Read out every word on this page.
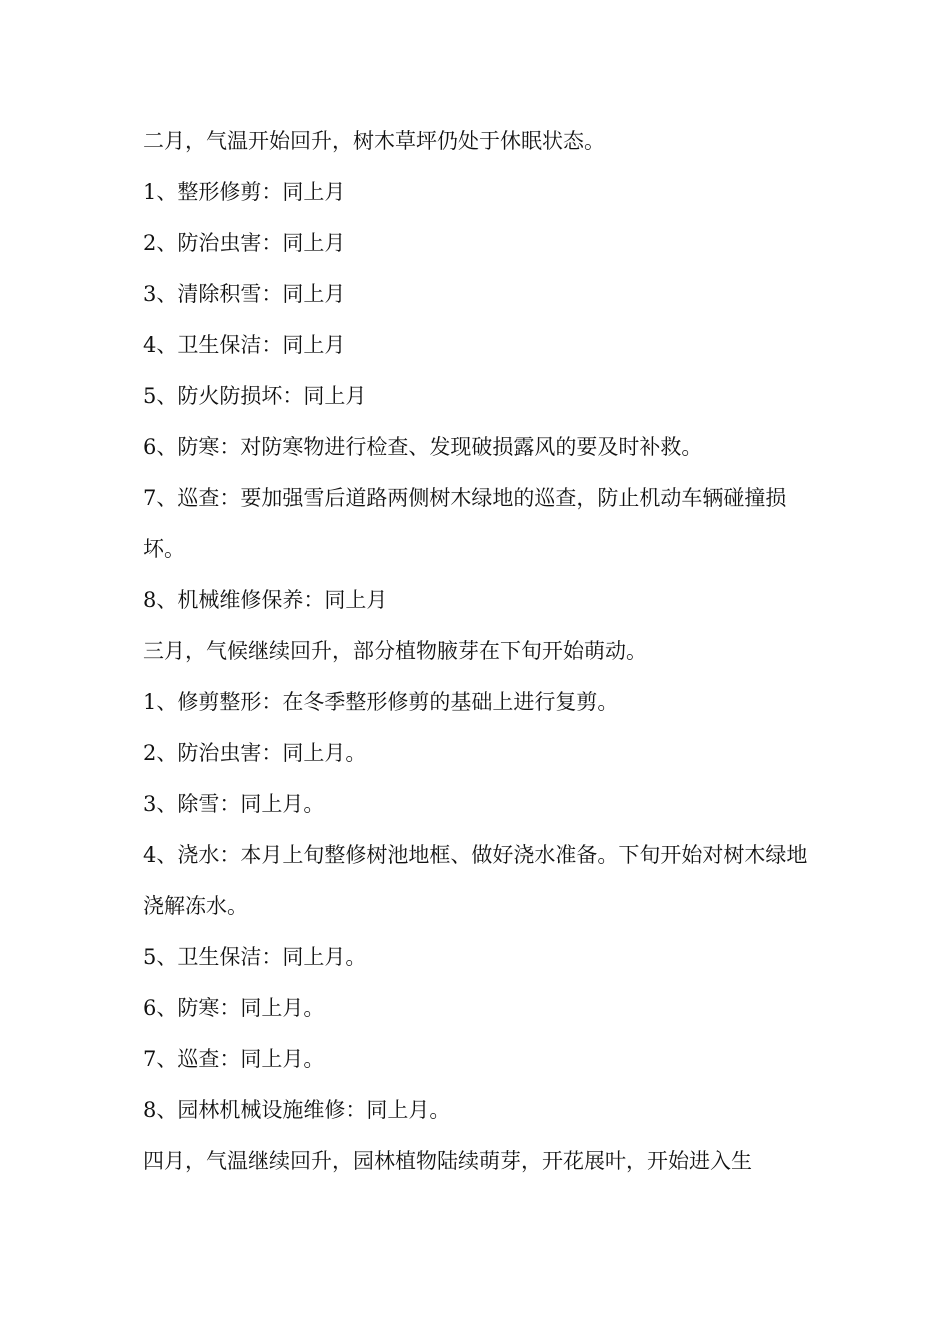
二月，气温开始回升，树木草坪仍处于休眠状态。

1、整形修剪：同上月

2、防治虫害：同上月

3、清除积雪：同上月

4、卫生保洁：同上月

5、防火防损坏：同上月

6、防寒：对防寒物进行检查、发现破损露风的要及时补救。

7、巡查：要加强雪后道路两侧树木绿地的巡查，防止机动车辆碰撞损坏。

8、机械维修保养：同上月

三月，气候继续回升，部分植物腋芽在下旬开始萌动。

1、修剪整形：在冬季整形修剪的基础上进行复剪。

2、防治虫害：同上月。

3、除雪：同上月。

4、浇水：本月上旬整修树池地框、做好浇水准备。下旬开始对树木绿地浇解冻水。

5、卫生保洁：同上月。

6、防寒：同上月。

7、巡查：同上月。

8、园林机械设施维修：同上月。

四月，气温继续回升，园林植物陆续萌芽，开花展叶，开始进入生
